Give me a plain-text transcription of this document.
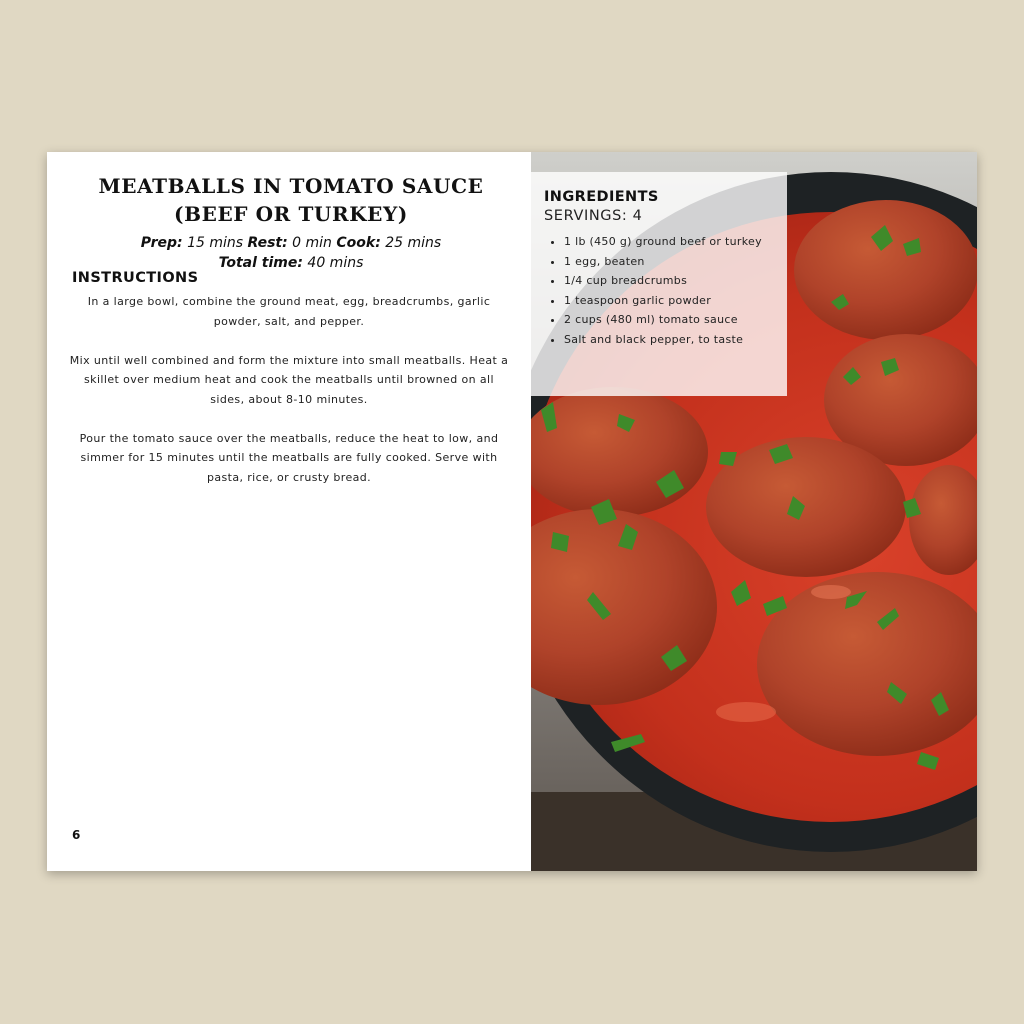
MEATBALLS IN TOMATO SAUCE
(BEEF OR TURKEY)
Prep: 15 mins Rest: 0 min Cook: 25 mins
Total time: 40 mins
INSTRUCTIONS

In a large bowl, combine the ground meat, egg, breadcrumbs, garlic powder, salt, and pepper.

Mix until well combined and form the mixture into small meatballs. Heat a skillet over medium heat and cook the meatballs until browned on all sides, about 8-10 minutes.

Pour the tomato sauce over the meatballs, reduce the heat to low, and simmer for 15 minutes until the meatballs are fully cooked. Serve with pasta, rice, or crusty bread.

6
INGREDIENTS
SERVINGS: 4
• 1 lb (450 g) ground beef or turkey
• 1 egg, beaten
• 1/4 cup breadcrumbs
• 1 teaspoon garlic powder
• 2 cups (480 ml) tomato sauce
• Salt and black pepper, to taste
